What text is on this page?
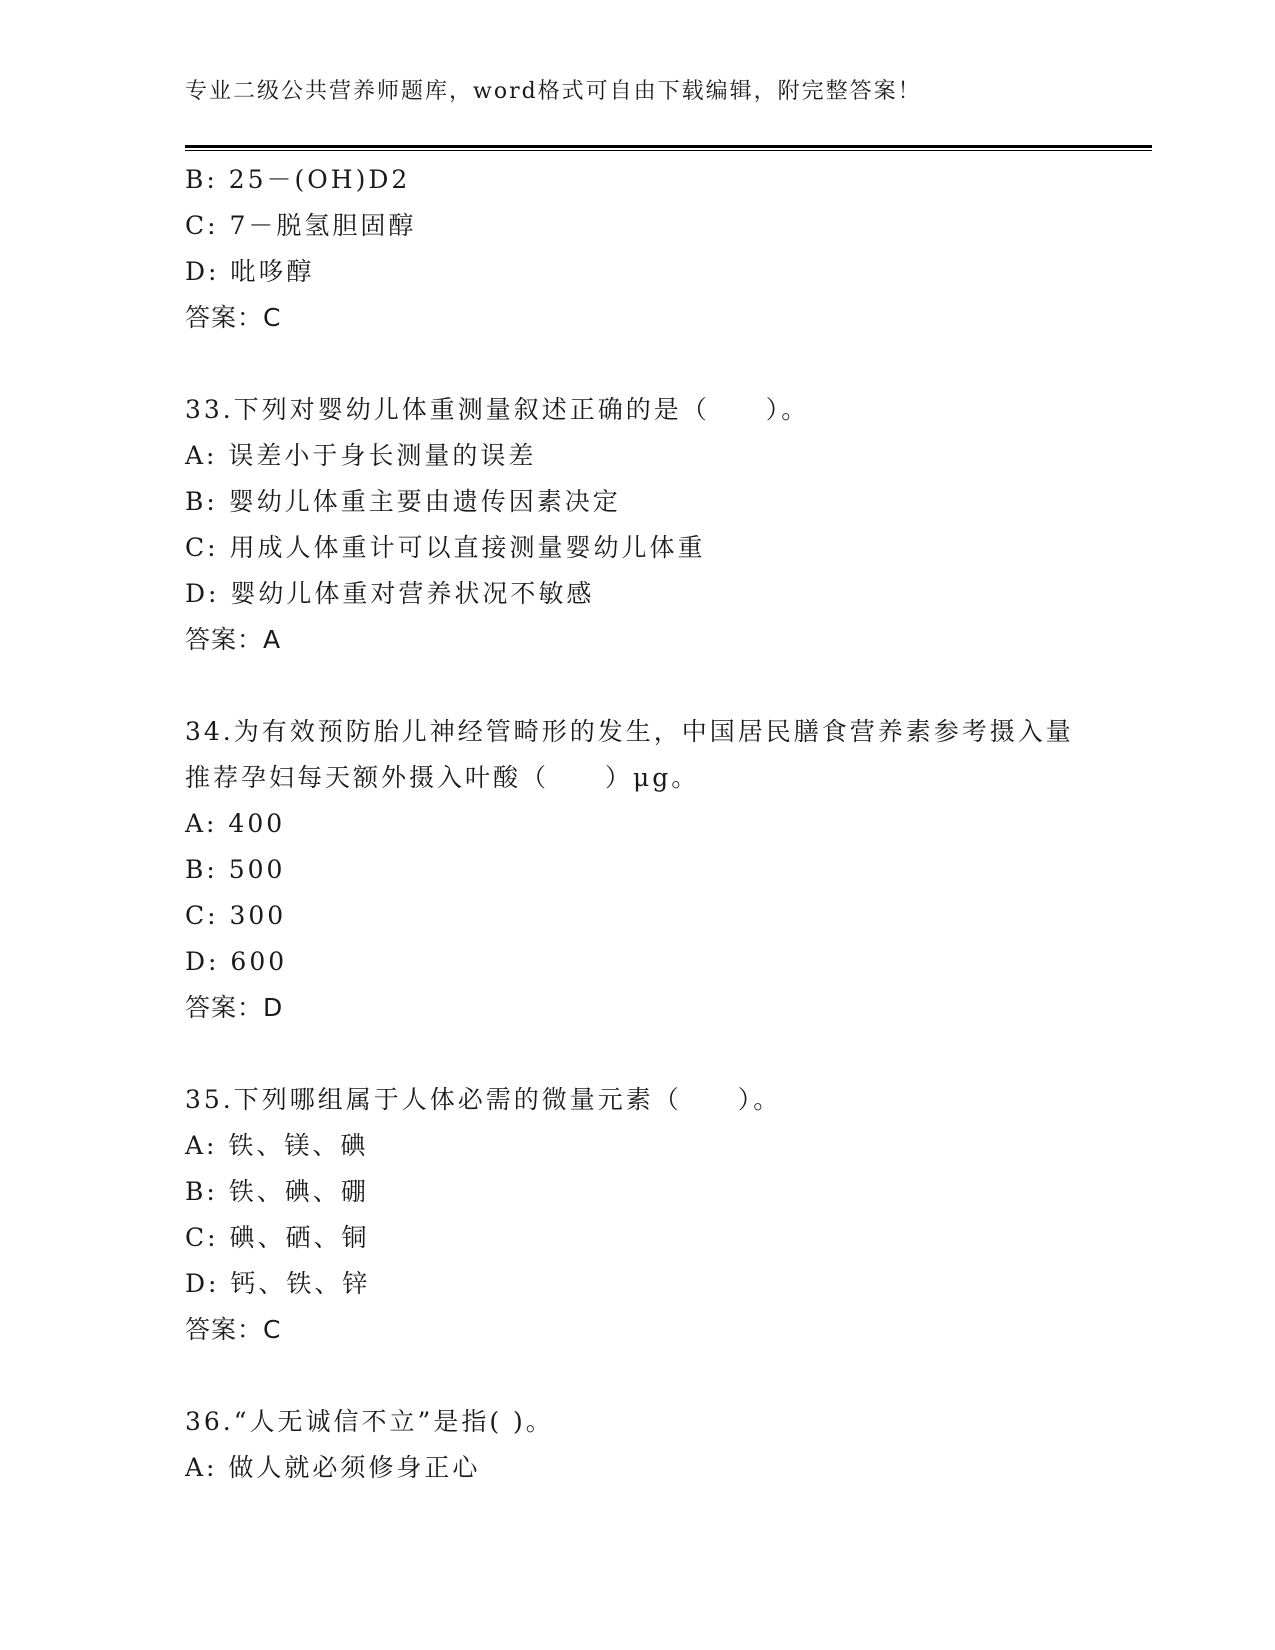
专业二级公共营养师题库，word格式可自由下载编辑，附完整答案！
B: 25－(OH)D2
C: 7－脱氢胆固醇
D: 吡哆醇
答案：C
33.下列对婴幼儿体重测量叙述正确的是（　　）。
A: 误差小于身长测量的误差
B: 婴幼儿体重主要由遗传因素决定
C: 用成人体重计可以直接测量婴幼儿体重
D: 婴幼儿体重对营养状况不敏感
答案：A
34.为有效预防胎儿神经管畸形的发生，中国居民膳食营养素参考摄入量推荐孕妇每天额外摄入叶酸（　　）μg。
A: 400
B: 500
C: 300
D: 600
答案：D
35.下列哪组属于人体必需的微量元素（　　）。
A: 铁、镁、碘
B: 铁、碘、硼
C: 碘、硒、铜
D: 钙、铁、锌
答案：C
36.“人无诚信不立”是指( )。
A: 做人就必须修身正心
